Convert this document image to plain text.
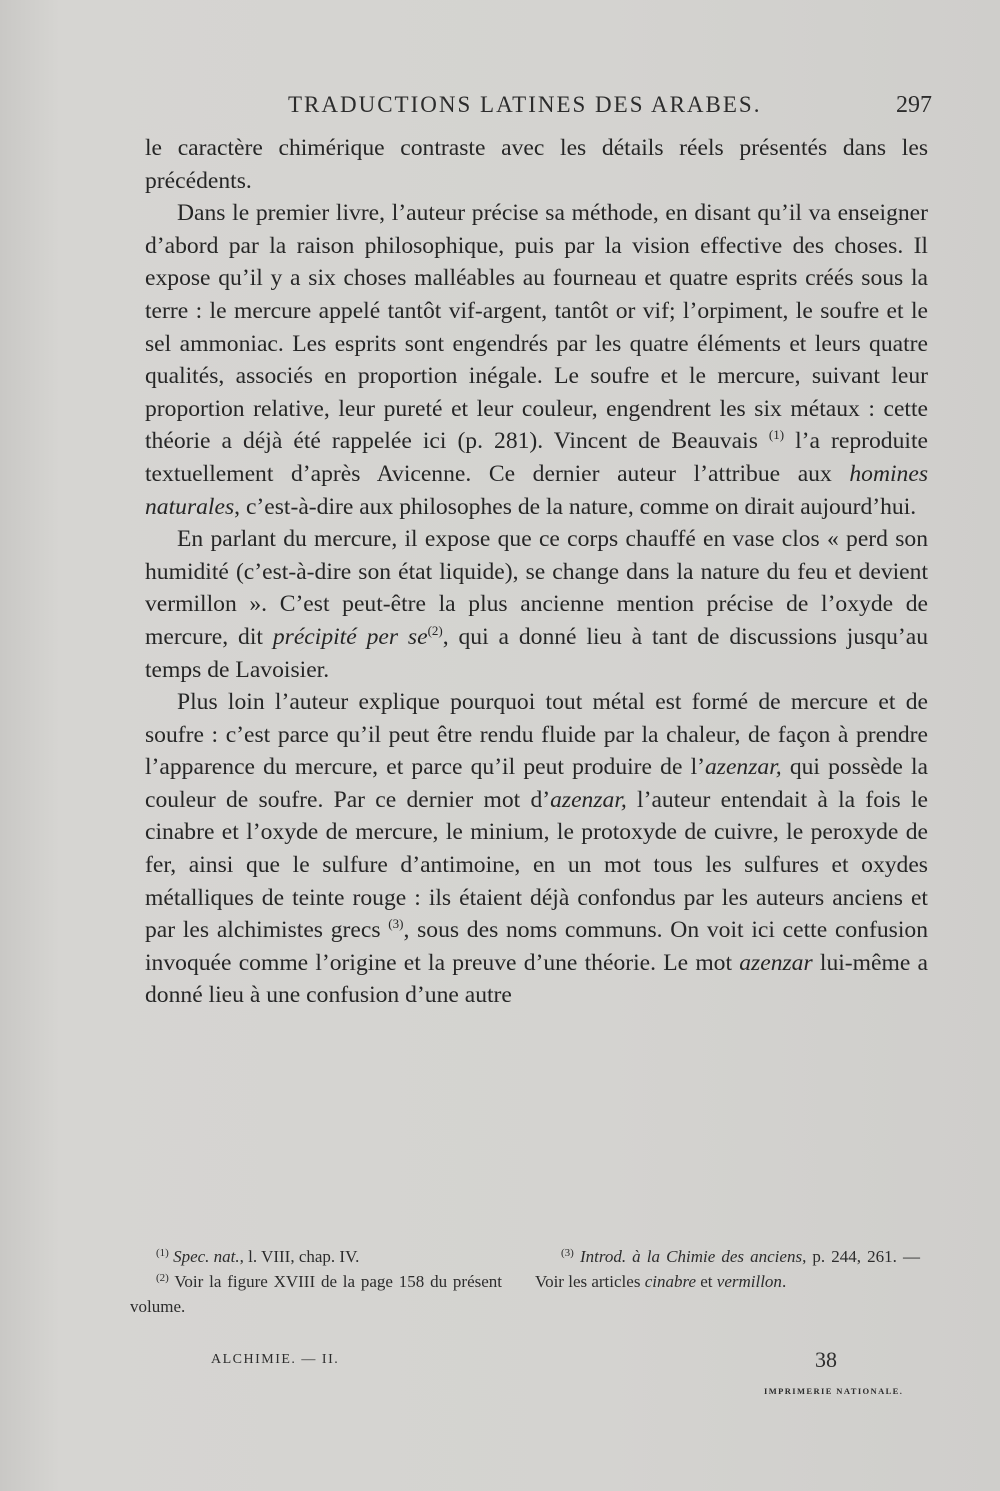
TRADUCTIONS LATINES DES ARABES.	297

le caractère chimérique contraste avec les détails réels présentés dans les précédents.

Dans le premier livre, l’auteur précise sa méthode, en disant qu’il va enseigner d’abord par la raison philosophique, puis par la vision effective des choses. Il expose qu’il y a six choses malléables au fourneau et quatre esprits créés sous la terre : le mercure appelé tantôt vif-argent, tantôt or vif; l’orpiment, le soufre et le sel ammoniac. Les esprits sont engendrés par les quatre éléments et leurs quatre qualités, associés en proportion inégale. Le soufre et le mercure, suivant leur proportion relative, leur pureté et leur couleur, engendrent les six métaux : cette théorie a déjà été rappelée ici (p. 281). Vincent de Beauvais $^{(1)}$ l’a reproduite textuellement d’après Avicenne. Ce dernier auteur l’attribue aux homines naturales, c’est-à-dire aux philosophes de la nature, comme on dirait aujourd’hui.

En parlant du mercure, il expose que ce corps chauffé en vase clos « perd son humidité (c’est-à-dire son état liquide), se change dans la nature du feu et devient vermillon ». C’est peut-être la plus ancienne mention précise de l’oxyde de mercure, dit précipité per $se^{(2)}$, qui a donné lieu à tant de discussions jusqu’au temps de Lavoisier.

Plus loin l’auteur explique pourquoi tout métal est formé de mercure et de soufre : c’est parce qu’il peut être rendu fluide par la chaleur, de façon à prendre l’apparence du mercure, et parce qu’il peut produire de l’azenzar, qui possède la couleur de soufre. Par ce dernier mot d’azenzar, l’auteur entendait à la fois le cinabre et l’oxyde de mercure, le minium, le protoxyde de cuivre, le peroxyde de fer, ainsi que le sulfure d’antimoine, en un mot tous les sulfures et oxydes métalliques de teinte rouge : ils étaient déjà confondus par les auteurs anciens et par les alchimistes grecs $^{(3)}$, sous des noms communs. On voit ici cette confusion invoquée comme l’origine et la preuve d’une théorie. Le mot azenzar lui-même a donné lieu à une confusion d’une autre

$^{(1)}$ Spec. nat., l. VIII, chap. IV.

$^{(2)}$ Voir la figure XVIII de la page 158 du présent volume.

$^{(3)}$ Introd. à la Chimie des anciens, p. 244, 261. — Voir les articles cinabre et vermillon.

ALCHIMIE. — II.	38
IMPRIMERIE NATIONALE.
